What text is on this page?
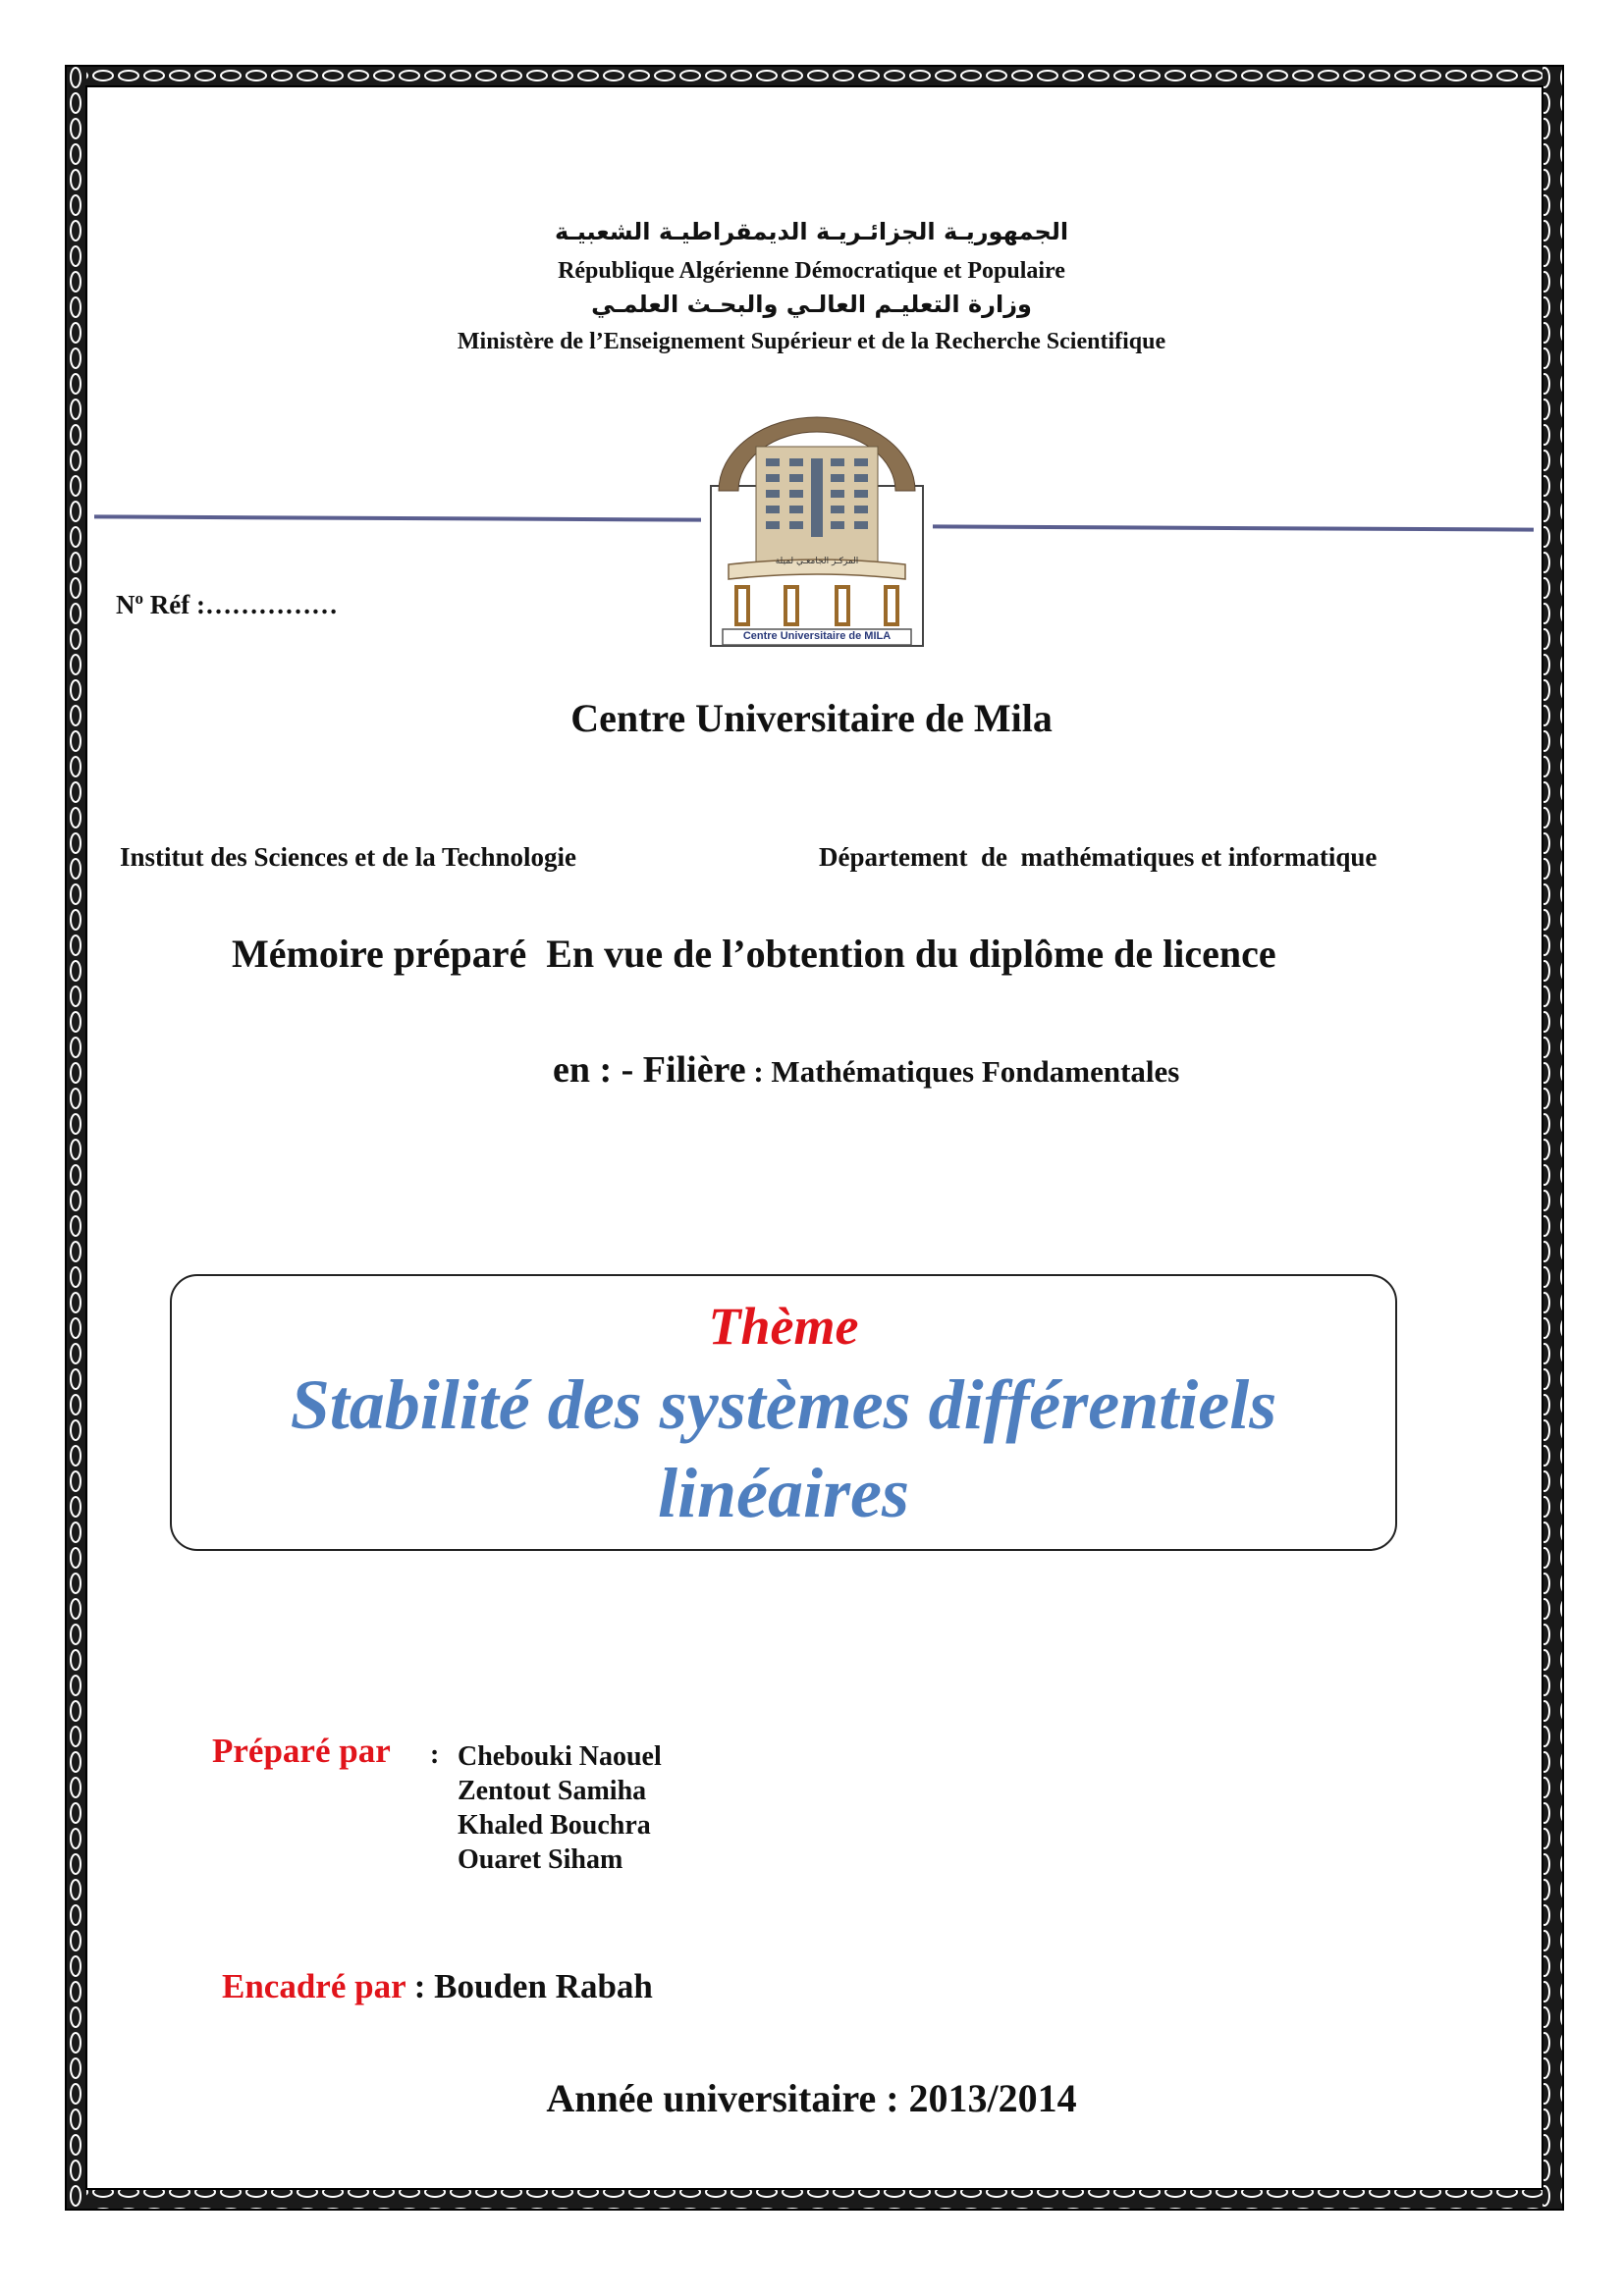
الجمهوريـة الجزائـريـة الديمقراطيـة الشعبيـة
République Algérienne Démocratique et Populaire
وزارة التعليـم العالـي والبحـث العلمـي
Ministère de l’Enseignement Supérieur et de la Recherche Scientifique
المركـز الجامعـي لميلة
Centre Universitaire de MILA
$N^o$ Réf :……………
Centre Universitaire de Mila
Institut des Sciences et de la Technologie	Département  de  mathématiques et informatique
Mémoire préparé  En vue de l’obtention du diplôme de licence

en : - Filière : Mathématiques Fondamentales

Thème
Stabilité des systèmes différentiels
linéaires
Préparé par : Chebouki Naouel
Zentout Samiha
Khaled Bouchra
Ouaret Siham

Encadré par : Bouden Rabah

Année universitaire : 2013/2014
